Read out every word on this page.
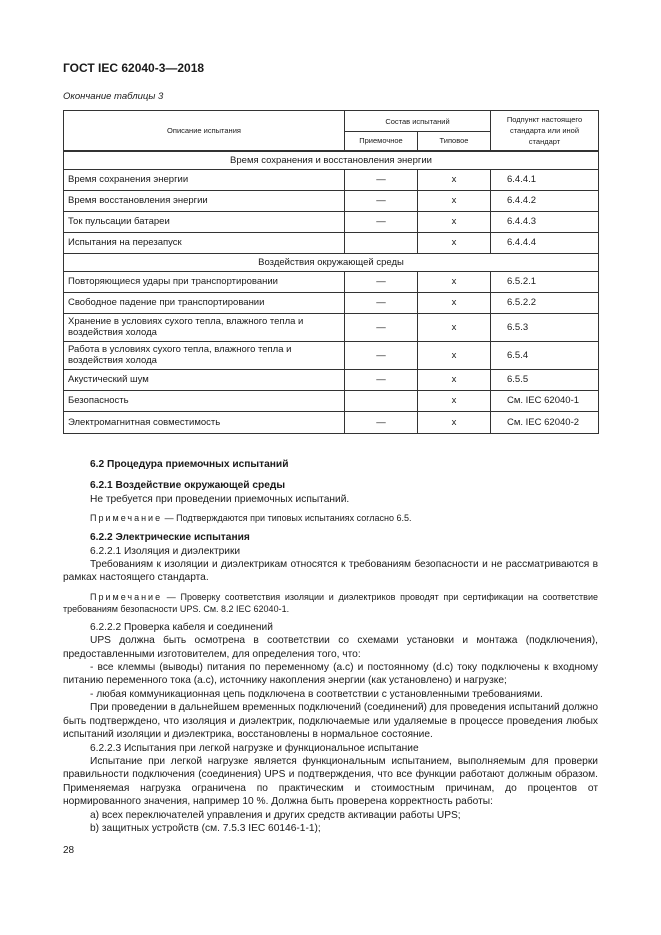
ГОСТ IEC 62040-3—2018
Окончание таблицы 3
Описание испытания	Состав испытаний		Подпункт настоящего стандарта или иной стандарт
	Приемочное	Типовое	
Время сохранения и восстановления энергии			
Время сохранения энергии	—	x	6.4.4.1
Время восстановления энергии	—	x	6.4.4.2
Ток пульсации батареи	—	x	6.4.4.3
Испытания на перезапуск		x	6.4.4.4
Воздействия окружающей среды			
Повторяющиеся удары при транспортировании	—	x	6.5.2.1
Свободное падение при транспортировании	—	x	6.5.2.2
Хранение в условиях сухого тепла, влажного тепла и воздействия холода	—	x	6.5.3
Работа в условиях сухого тепла, влажного тепла и воздействия холода	—	x	6.5.4
Акустический шум	—	x	6.5.5
Безопасность		x	См. IEC 62040-1
Электромагнитная совместимость	—	x	См. IEC 62040-2

6.2 Процедура приемочных испытаний

6.2.1 Воздействие окружающей среды

Не требуется при проведении приемочных испытаний.

Примечание — Подтверждаются при типовых испытаниях согласно 6.5.

6.2.2 Электрические испытания

6.2.2.1 Изоляция и диэлектрики

Требованиям к изоляции и диэлектрикам относятся к требованиям безопасности и не рассматриваются в рамках настоящего стандарта.

Примечание — Проверку соответствия изоляции и диэлектриков проводят при сертификации на соответствие требованиям безопасности UPS. См. 8.2 IEC 62040-1.

6.2.2.2 Проверка кабеля и соединений

UPS должна быть осмотрена в соответствии со схемами установки и монтажа (подключения), предоставленными изготовителем, для определения того, что:

- все клеммы (выводы) питания по переменному (a.c) и постоянному (d.c) току подключены к входному питанию переменного тока (a.c), источнику накопления энергии (как установлено) и нагрузке;

- любая коммуникационная цепь подключена в соответствии с установленными требованиями.

При проведении в дальнейшем временных подключений (соединений) для проведения испытаний должно быть подтверждено, что изоляция и диэлектрик, подключаемые или удаляемые в процессе проведения любых испытаний изоляции и диэлектрика, восстановлены в нормальное состояние.

6.2.2.3 Испытания при легкой нагрузке и функциональное испытание

Испытание при легкой нагрузке является функциональным испытанием, выполняемым для проверки правильности подключения (соединения) UPS и подтверждения, что все функции работают должным образом. Применяемая нагрузка ограничена по практическим и стоимостным причинам, до процентов от нормированного значения, например 10 %. Должна быть проверена корректность работы:

a) всех переключателей управления и других средств активации работы UPS;

b) защитных устройств (см. 7.5.3 IEC 60146-1-1);

28
